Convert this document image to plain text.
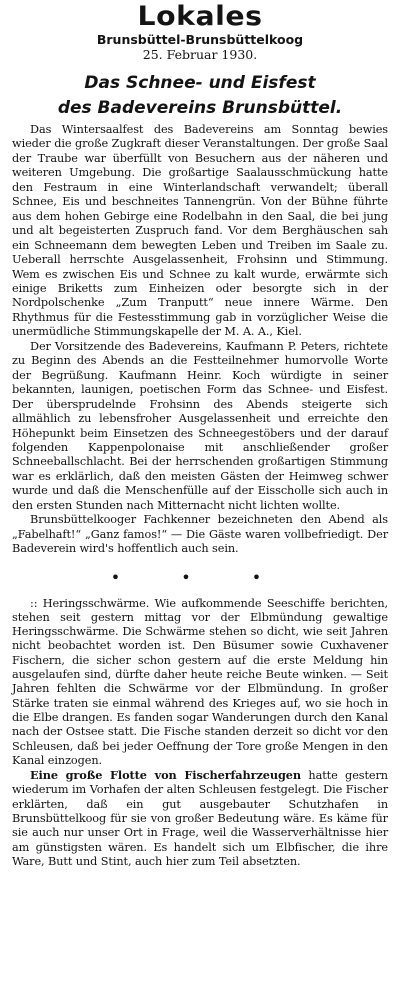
Lokales
Brunsbüttel-Brunsbüttelkoog
25. Februar 1930.
Das Schnee- und Eisfest
des Badevereins Brunsbüttel.

Das Wintersaalfest des Badevereins am Sonntag bewies wieder die große Zugkraft dieser Veranstaltungen. Der große Saal der Traube war überfüllt von Besuchern aus der näheren und weiteren Umgebung. Die großartige Saalausschmückung hatte den Festraum in eine Winterlandschaft verwandelt; überall Schnee, Eis und beschneites Tannengrün. Von der Bühne führte aus dem hohen Gebirge eine Rodelbahn in den Saal, die bei jung und alt begeisterten Zuspruch fand. Vor dem Berghäuschen sah ein Schneemann dem bewegten Leben und Treiben im Saale zu. Ueberall herrschte Ausgelassenheit, Frohsinn und Stimmung. Wem es zwischen Eis und Schnee zu kalt wurde, erwärmte sich einige Briketts zum Einheizen oder besorgte sich in der Nordpolschenke „Zum Tranputt“ neue innere Wärme. Den Rhythmus für die Festesstimmung gab in vorzüglicher Weise die unermüdliche Stimmungskapelle der M. A. A., Kiel.

Der Vorsitzende des Badevereins, Kaufmann P. Peters, richtete zu Beginn des Abends an die Festteilnehmer humorvolle Worte der Begrüßung. Kaufmann Heinr. Koch würdigte in seiner bekannten, launigen, poetischen Form das Schnee- und Eisfest. Der übersprudelnde Frohsinn des Abends steigerte sich allmählich zu lebensfroher Ausgelassenheit und erreichte den Höhepunkt beim Einsetzen des Schneegestöbers und der darauf folgenden Kappenpolonaise mit anschließender großer Schneeballschlacht. Bei der herrschenden großartigen Stimmung war es erklärlich, daß den meisten Gästen der Heimweg schwer wurde und daß die Menschenfülle auf der Eisscholle sich auch in den ersten Stunden nach Mitternacht nicht lichten wollte.

Brunsbüttelkooger Fachkenner bezeichneten den Abend als „Fabelhaft!“ „Ganz famos!“ — Die Gäste waren vollbefriedigt. Der Badeverein wird's hoffentlich auch sein.

• • •

:: Heringsschwärme. Wie aufkommende Seeschiffe berichten, stehen seit gestern mittag vor der Elbmündung gewaltige Heringsschwärme. Die Schwärme stehen so dicht, wie seit Jahren nicht beobachtet worden ist. Den Büsumer sowie Cuxhavener Fischern, die sicher schon gestern auf die erste Meldung hin ausgelaufen sind, dürfte daher heute reiche Beute winken. — Seit Jahren fehlten die Schwärme vor der Elbmündung. In großer Stärke traten sie einmal während des Krieges auf, wo sie hoch in die Elbe drangen. Es fanden sogar Wanderungen durch den Kanal nach der Ostsee statt. Die Fische standen derzeit so dicht vor den Schleusen, daß bei jeder Oeffnung der Tore große Mengen in den Kanal einzogen.

Eine große Flotte von Fischerfahrzeugen hatte gestern wiederum im Vorhafen der alten Schleusen festgelegt. Die Fischer erklärten, daß ein gut ausgebauter Schutzhafen in Brunsbüttelkoog für sie von großer Bedeutung wäre. Es käme für sie auch nur unser Ort in Frage, weil die Wasserverhältnisse hier am günstigsten wären. Es handelt sich um Elbfischer, die ihre Ware, Butt und Stint, auch hier zum Teil absetzten.
